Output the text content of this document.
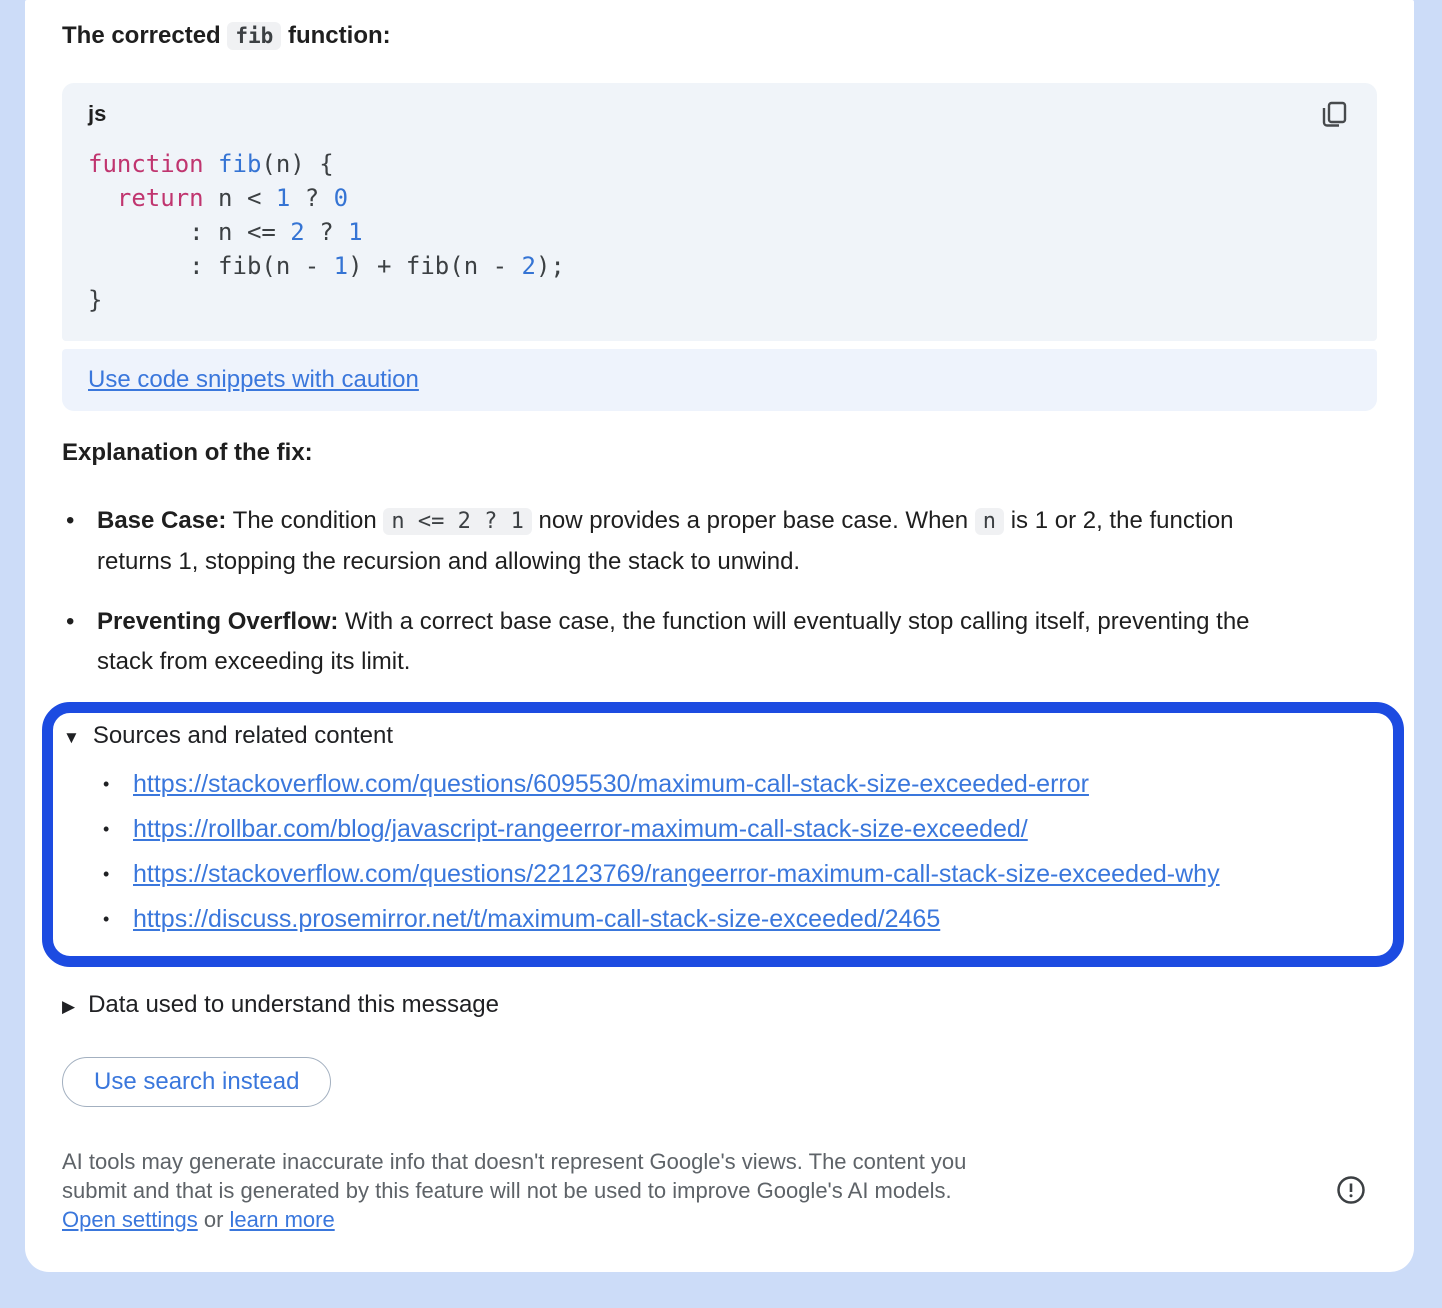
The corrected fib function:
js
function fib(n) {
return n < 1 ? 0
: n <= 2 ? 1
: fib(n - 1) + fib(n - 2);
}
Use code snippets with caution
Explanation of the fix:
• Base Case: The condition n <= 2 ? 1 now provides a proper base case. When n is 1 or 2, the function returns 1, stopping the recursion and allowing the stack to unwind.
• Preventing Overflow: With a correct base case, the function will eventually stop calling itself, preventing the stack from exceeding its limit.
▼ Sources and related content
• https://stackoverflow.com/questions/6095530/maximum-call-stack-size-exceeded-error
• https://rollbar.com/blog/javascript-rangeerror-maximum-call-stack-size-exceeded/
• https://stackoverflow.com/questions/22123769/rangeerror-maximum-call-stack-size-exceeded-why
• https://discuss.prosemirror.net/t/maximum-call-stack-size-exceeded/2465
▶ Data used to understand this message
Use search instead
AI tools may generate inaccurate info that doesn't represent Google's views. The content you
submit and that is generated by this feature will not be used to improve Google's AI models.
Open settings or learn more
